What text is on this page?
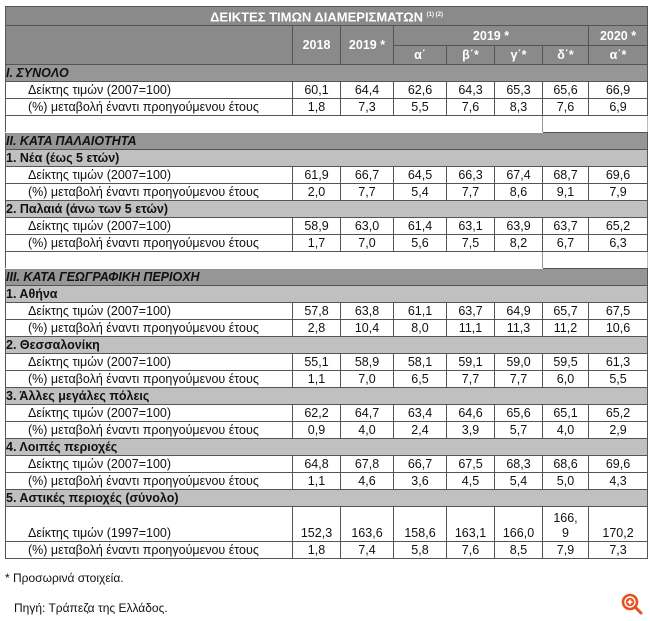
ΔΕΙΚΤΕΣ ΤΙΜΩΝ ΔΙΑΜΕΡΙΣΜΑΤΩΝ $^{(1) (2)}$
	2018	2019 *	2019 *				2020 *
			α΄	β΄*	γ΄*	δ΄*	α΄*
I. ΣΥΝΟΛΟ							
Δείκτης τιμών (2007=100)	60,1	64,4	62,6	64,3	65,3	65,6	66,9
(%) μεταβολή έναντι προηγούμενου έτους	1,8	7,3	5,5	7,6	8,3	7,6	6,9

II. ΚΑΤΑ ΠΑΛΑΙΟΤΗΤΑ							
1. Νέα (έως 5 ετών)							
Δείκτης τιμών (2007=100)	61,9	66,7	64,5	66,3	67,4	68,7	69,6
(%) μεταβολή έναντι προηγούμενου έτους	2,0	7,7	5,4	7,7	8,6	9,1	7,9
2. Παλαιά (άνω των 5 ετών)							
Δείκτης τιμών (2007=100)	58,9	63,0	61,4	63,1	63,9	63,7	65,2
(%) μεταβολή έναντι προηγούμενου έτους	1,7	7,0	5,6	7,5	8,2	6,7	6,3

III. ΚΑΤΑ ΓΕΩΓΡΑΦΙΚΗ ΠΕΡΙΟΧΗ							
1. Αθήνα							
Δείκτης τιμών (2007=100)	57,8	63,8	61,1	63,7	64,9	65,7	67,5
(%) μεταβολή έναντι προηγούμενου έτους	2,8	10,4	8,0	11,1	11,3	11,2	10,6
2. Θεσσαλονίκη							
Δείκτης τιμών (2007=100)	55,1	58,9	58,1	59,1	59,0	59,5	61,3
(%) μεταβολή έναντι προηγούμενου έτους	1,1	7,0	6,5	7,7	7,7	6,0	5,5
3. Άλλες μεγάλες πόλεις							
Δείκτης τιμών (2007=100)	62,2	64,7	63,4	64,6	65,6	65,1	65,2
(%) μεταβολή έναντι προηγούμενου έτους	0,9	4,0	2,4	3,9	5,7	4,0	2,9
4. Λοιπές περιοχές							
Δείκτης τιμών (2007=100)	64,8	67,8	66,7	67,5	68,3	68,6	69,6
(%) μεταβολή έναντι προηγούμενου έτους	1,1	4,6	3,6	4,5	5,4	5,0	4,3
5. Αστικές περιοχές (σύνολο)							
Δείκτης τιμών (1997=100)	152,3	163,6	158,6	163,1	166,0	166, 9	170,2
(%) μεταβολή έναντι προηγούμενου έτους	1,8	7,4	5,8	7,6	8,5	7,9	7,3
* Προσωρινά στοιχεία.
Πηγή: Τράπεζα της Ελλάδος.
